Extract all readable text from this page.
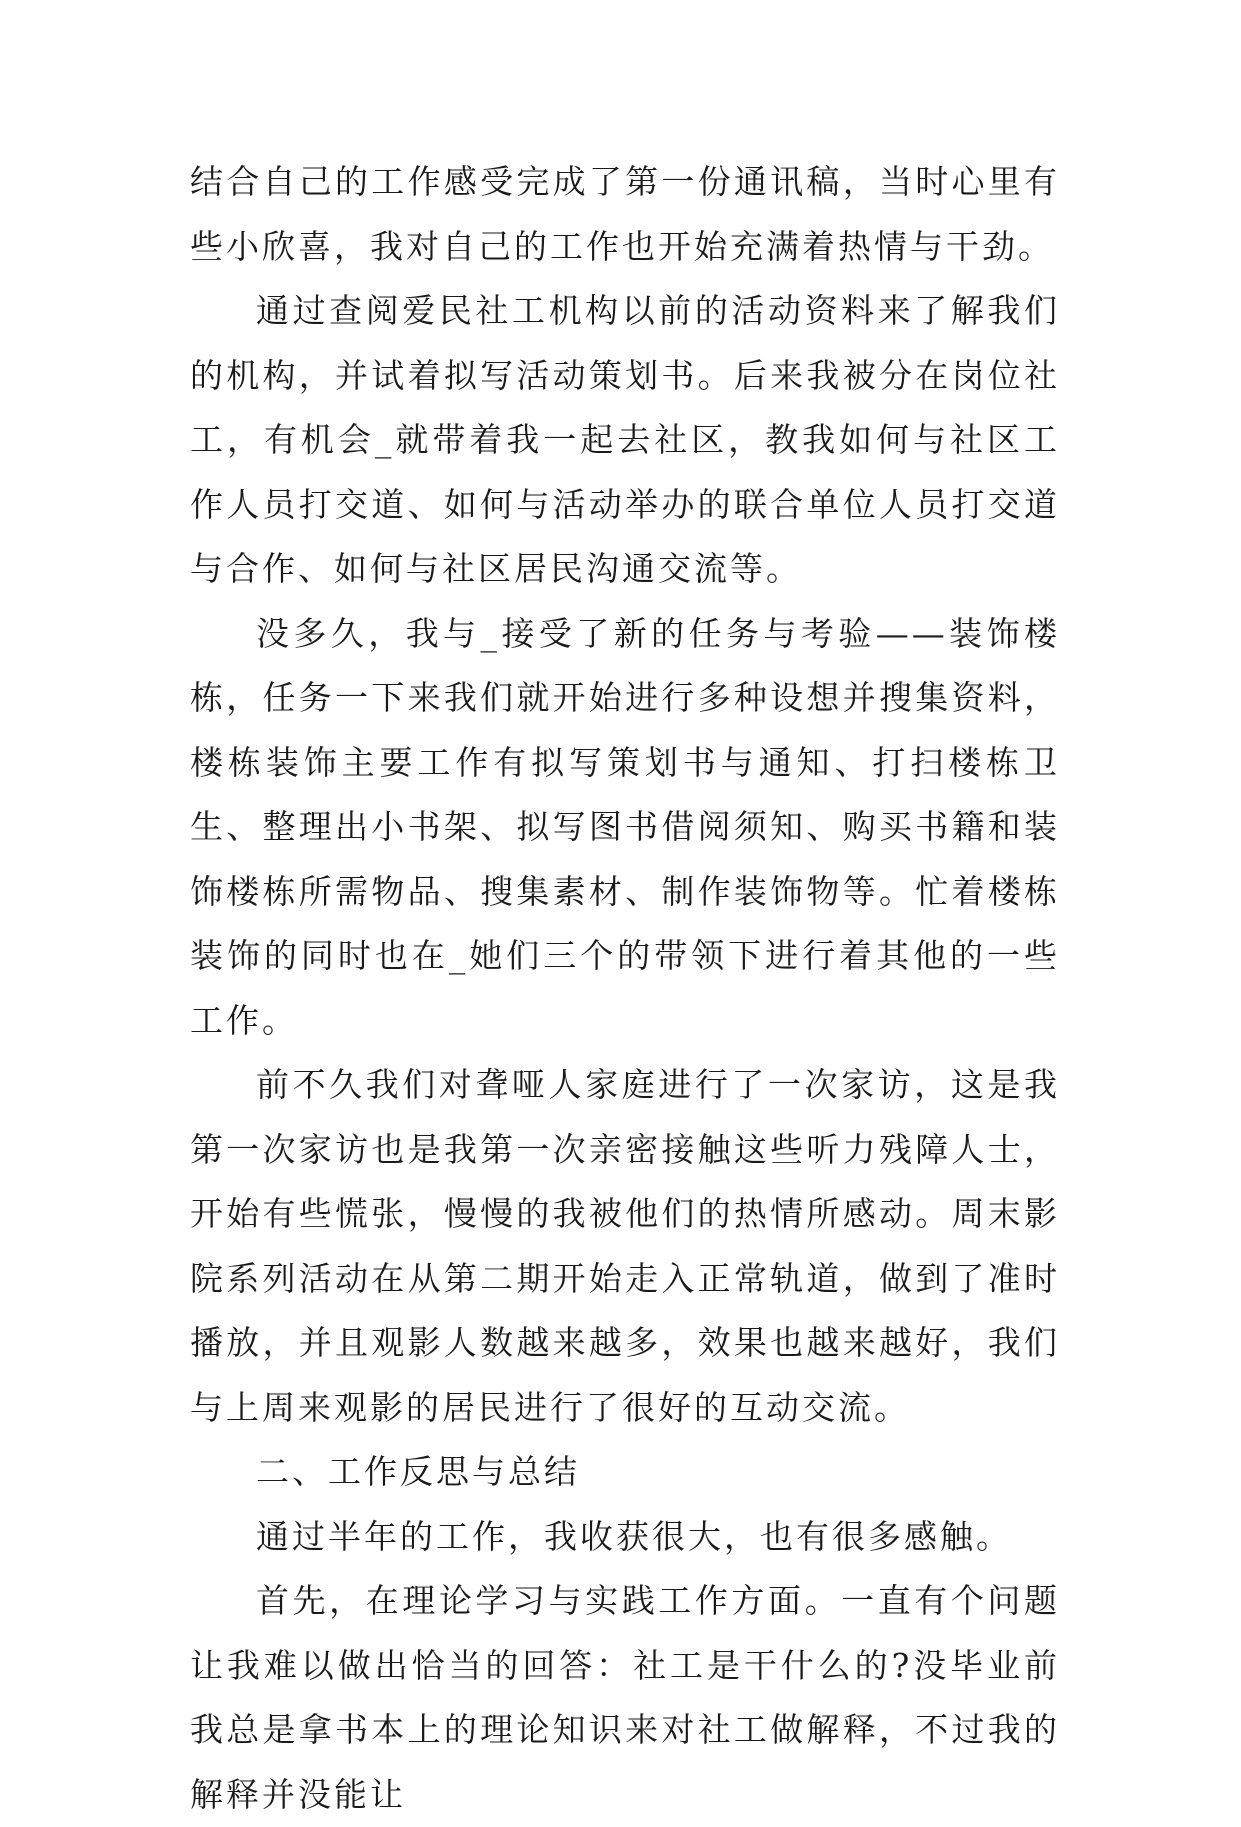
结合自己的工作感受完成了第一份通讯稿，当时心里有些小欣喜，我对自己的工作也开始充满着热情与干劲。

通过查阅爱民社工机构以前的活动资料来了解我们的机构，并试着拟写活动策划书。后来我被分在岗位社工，有机会_就带着我一起去社区，教我如何与社区工作人员打交道、如何与活动举办的联合单位人员打交道与合作、如何与社区居民沟通交流等。

没多久，我与_接受了新的任务与考验——装饰楼栋，任务一下来我们就开始进行多种设想并搜集资料，楼栋装饰主要工作有拟写策划书与通知、打扫楼栋卫生、整理出小书架、拟写图书借阅须知、购买书籍和装饰楼栋所需物品、搜集素材、制作装饰物等。忙着楼栋装饰的同时也在_她们三个的带领下进行着其他的一些工作。

前不久我们对聋哑人家庭进行了一次家访，这是我第一次家访也是我第一次亲密接触这些听力残障人士，开始有些慌张，慢慢的我被他们的热情所感动。周末影院系列活动在从第二期开始走入正常轨道，做到了准时播放，并且观影人数越来越多，效果也越来越好，我们与上周来观影的居民进行了很好的互动交流。

二、工作反思与总结

通过半年的工作，我收获很大，也有很多感触。

首先，在理论学习与实践工作方面。一直有个问题让我难以做出恰当的回答：社工是干什么的?没毕业前我总是拿书本上的理论知识来对社工做解释，不过我的解释并没能让
